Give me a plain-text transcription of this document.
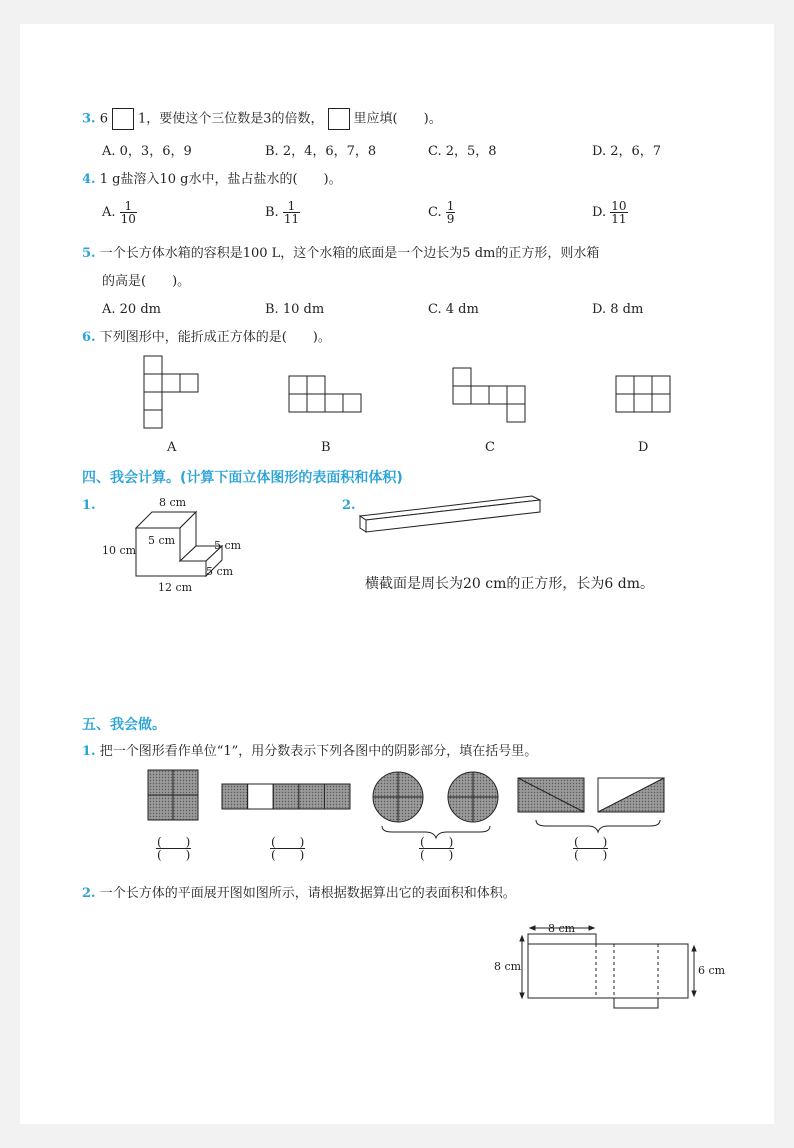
3. 6 1，要使这个三位数是3的倍数， 里应填(　　)。
A. 0，3，6，9	B. 2，4，6，7，8	C. 2，5，8	D. 2，6，7
4. 1 g盐溶入10 g水中，盐占盐水的(　　)。
A. $\frac{1}{10}$	B. $\frac{1}{11}$	C. $\frac{1}{9}$	D. $\frac{10}{11}$
5. 一个长方体水箱的容积是100 L，这个水箱的底面是一个边长为5 dm的正方形，则水箱
的高是(　　)。
A. 20 dm	B. 10 dm	C. 4 dm	D. 8 dm
6. 下列图形中，能折成正方体的是(　　)。
A	B	C	D
四、我会计算。(计算下面立体图形的表面积和体积)
1.	2.
8 cm
5 cm	5 cm
10 cm
5 cm
12 cm	横截面是周长为20 cm的正方形，长为6 dm。
五、我会做。
1. 把一个图形看作单位“1”，用分数表示下列各图中的阴影部分，填在括号里。
$\frac{( )}{( )}$	$\frac{( )}{( )}$	$\frac{( )}{( )}$	$\frac{( )}{( )}$
2. 一个长方体的平面展开图如图所示，请根据数据算出它的表面积和体积。
8 cm
8 cm	6 cm
